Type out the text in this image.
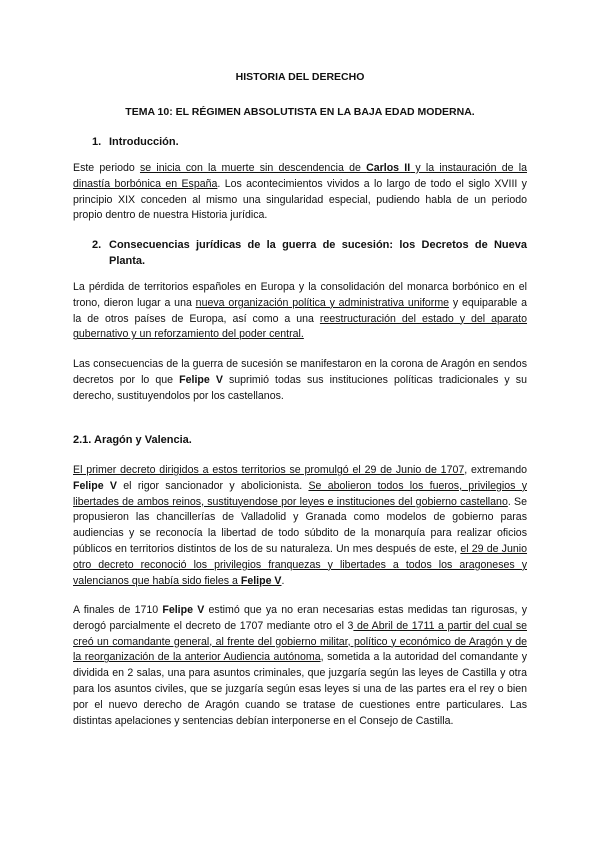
HISTORIA DEL DERECHO
TEMA 10: EL RÉGIMEN ABSOLUTISTA EN LA BAJA EDAD MODERNA.
1. Introducción.
Este periodo se inicia con la muerte sin descendencia de Carlos II y la instauración de la dinastía borbónica en España. Los acontecimientos vividos a lo largo de todo el siglo XVIII y principio XIX conceden al mismo una singularidad especial, pudiendo habla de un periodo propio dentro de nuestra Historia jurídica.
2. Consecuencias jurídicas de la guerra de sucesión: los Decretos de Nueva Planta.
La pérdida de territorios españoles en Europa y la consolidación del monarca borbónico en el trono, dieron lugar a una nueva organización política y administrativa uniforme y equiparable a la de otros países de Europa, así como a una reestructuración del estado y del aparato gubernativo y un reforzamiento del poder central.
Las consecuencias de la guerra de sucesión se manifestaron en la corona de Aragón en sendos decretos por lo que Felipe V suprimió todas sus instituciones políticas tradicionales y su derecho, sustituyendolos por los castellanos.
2.1. Aragón y Valencia.
El primer decreto dirigidos a estos territorios se promulgó el 29 de Junio de 1707, extremando Felipe V el rigor sancionador y abolicionista. Se abolieron todos los fueros, privilegios y libertades de ambos reinos, sustituyendose por leyes e instituciones del gobierno castellano. Se propusieron las chancillerías de Valladolid y Granada como modelos de gobierno paras audiencias y se reconocía la libertad de todo súbdito de la monarquía para realizar oficios públicos en territorios distintos de los de su naturaleza. Un mes después de este, el 29 de Junio otro decreto reconoció los privilegios franquezas y libertades a todos los aragoneses y valencianos que había sido fieles a Felipe V.
A finales de 1710 Felipe V estimó que ya no eran necesarias estas medidas tan rigurosas, y derogó parcialmente el decreto de 1707 mediante otro el 3 de Abril de 1711 a partir del cual se creó un comandante general, al frente del gobierno militar, político y económico de Aragón y de la reorganización de la anterior Audiencia autónoma, sometida a la autoridad del comandante y dividida en 2 salas, una para asuntos criminales, que juzgaría según las leyes de Castilla y otra para los asuntos civiles, que se juzgaría según esas leyes si una de las partes era el rey o bien por el nuevo derecho de Aragón cuando se tratase de cuestiones entre particulares. Las distintas apelaciones y sentencias debían interponerse en el Consejo de Castilla.
